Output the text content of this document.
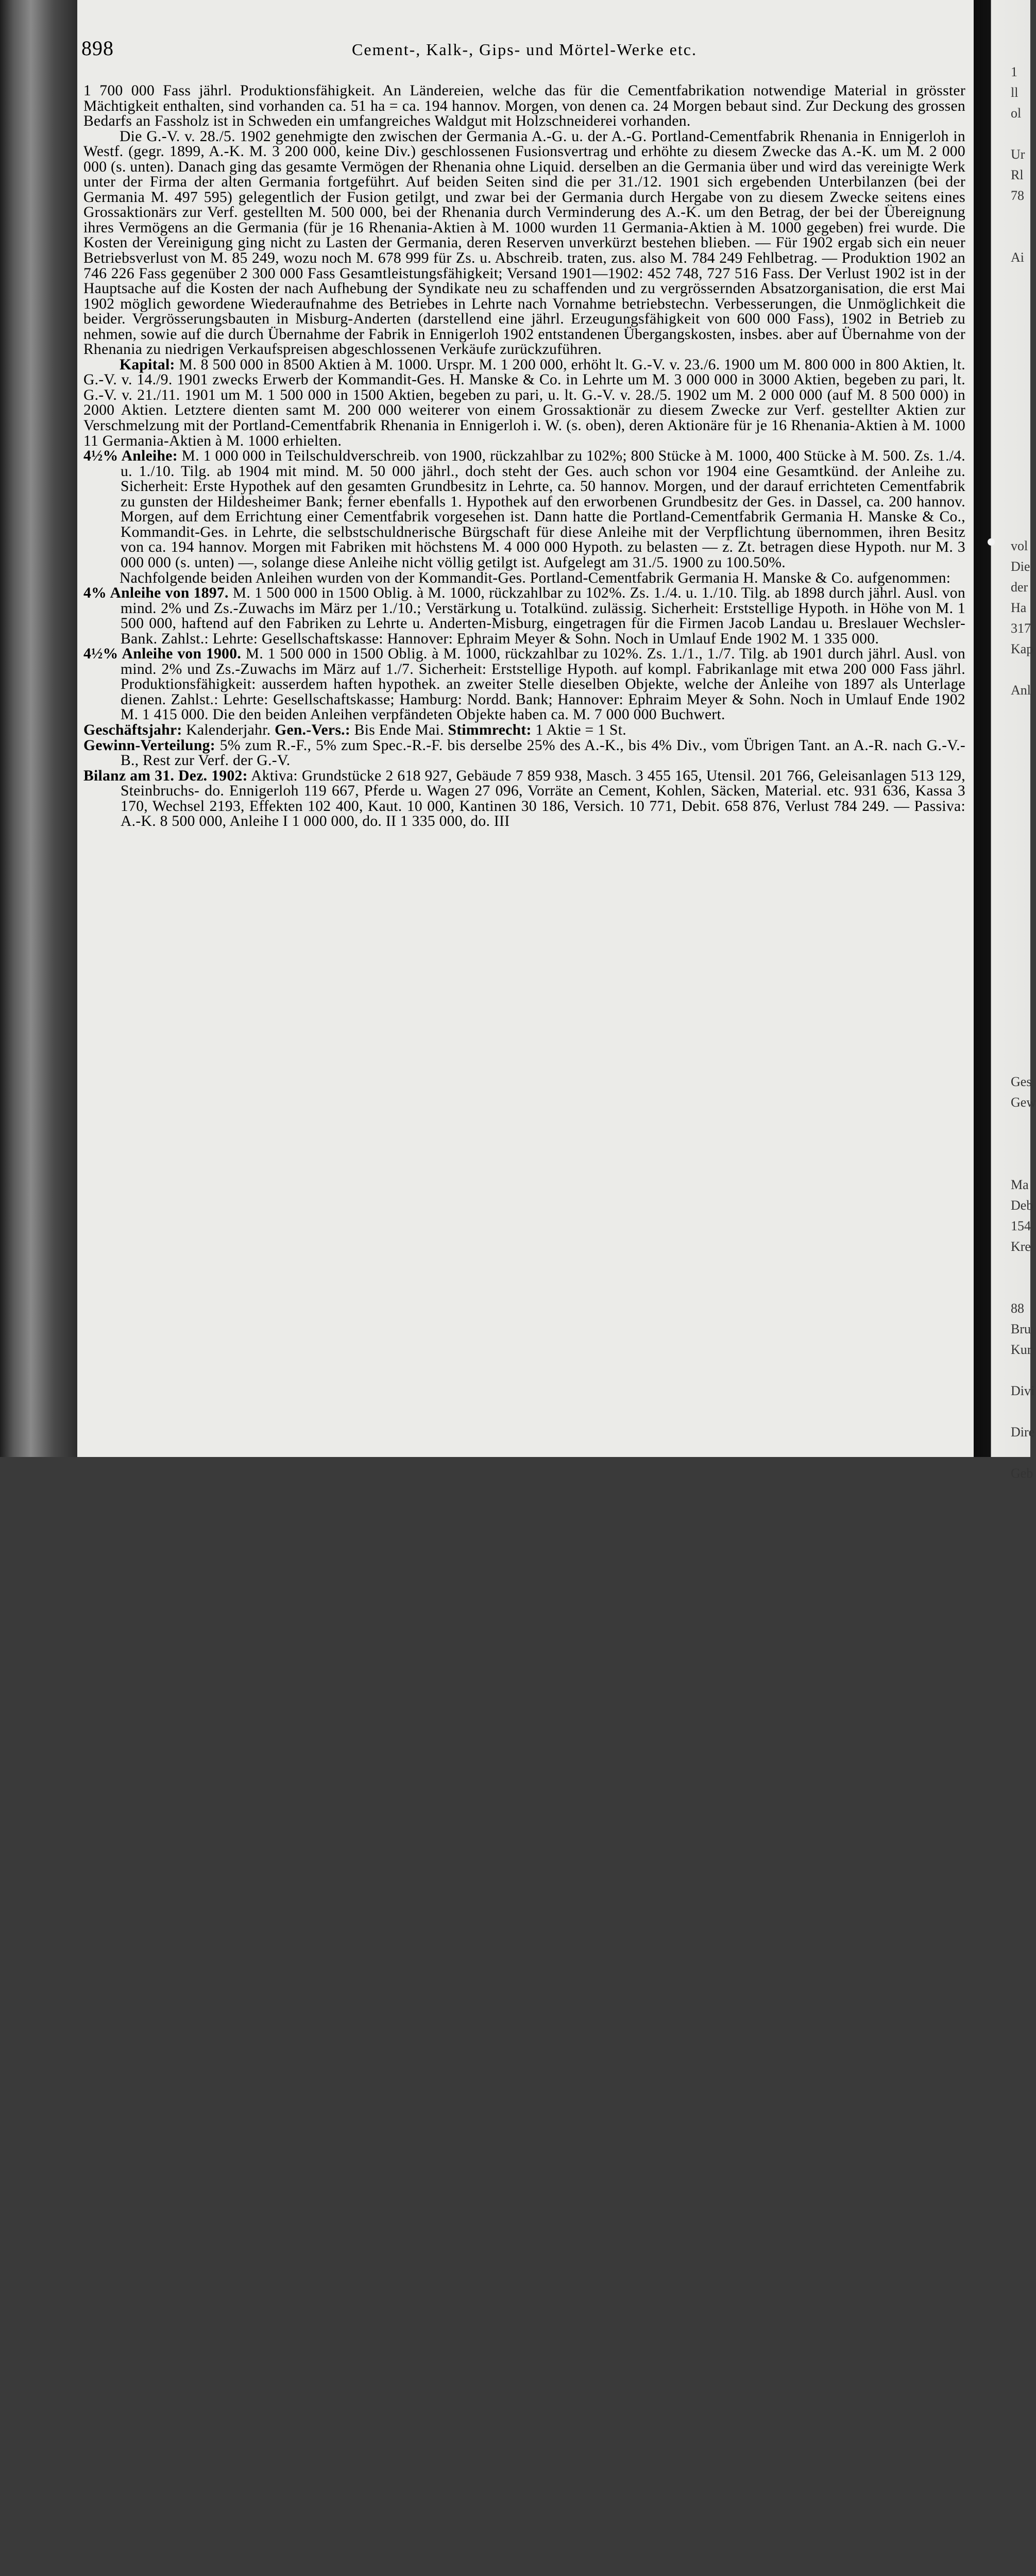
1
ll
ol

Ur
Rl
78

Ai

vol
Die
der
Ha
317
Kap

Anl

Ges
Gew

Ma
Deb
154
Kre

88
Bru
Kur

Divi

Dire

Geb

898	Cement-, Kalk-, Gips- und Mörtel-Werke etc.

1 700 000 Fass jährl. Produktionsfähigkeit. An Ländereien, welche das für die Cementfabrikation notwendige Material in grösster Mächtigkeit enthalten, sind vorhanden ca. 51 ha = ca. 194 hannov. Morgen, von denen ca. 24 Morgen bebaut sind. Zur Deckung des grossen Bedarfs an Fassholz ist in Schweden ein umfangreiches Waldgut mit Holzschneiderei vorhanden.

Die G.-V. v. 28./5. 1902 genehmigte den zwischen der Germania A.-G. u. der A.-G. Portland-Cementfabrik Rhenania in Ennigerloh in Westf. (gegr. 1899, A.-K. M. 3 200 000, keine Div.) geschlossenen Fusionsvertrag und erhöhte zu diesem Zwecke das A.-K. um M. 2 000 000 (s. unten). Danach ging das gesamte Vermögen der Rhenania ohne Liquid. derselben an die Germania über und wird das vereinigte Werk unter der Firma der alten Germania fortgeführt. Auf beiden Seiten sind die per 31./12. 1901 sich ergebenden Unterbilanzen (bei der Germania M. 497 595) gelegentlich der Fusion getilgt, und zwar bei der Germania durch Hergabe von zu diesem Zwecke seitens eines Grossaktionärs zur Verf. gestellten M. 500 000, bei der Rhenania durch Verminderung des A.-K. um den Betrag, der bei der Übereignung ihres Vermögens an die Germania (für je 16 Rhenania-Aktien à M. 1000 wurden 11 Germania-Aktien à M. 1000 gegeben) frei wurde. Die Kosten der Vereinigung ging nicht zu Lasten der Germania, deren Reserven unverkürzt bestehen blieben. — Für 1902 ergab sich ein neuer Betriebsverlust von M. 85 249, wozu noch M. 678 999 für Zs. u. Abschreib. traten, zus. also M. 784 249 Fehlbetrag. — Produktion 1902 an 746 226 Fass gegenüber 2 300 000 Fass Gesamtleistungsfähigkeit; Versand 1901—1902: 452 748, 727 516 Fass. Der Verlust 1902 ist in der Hauptsache auf die Kosten der nach Aufhebung der Syndikate neu zu schaffenden und zu vergrössernden Absatzorganisation, die erst Mai 1902 möglich gewordene Wiederaufnahme des Betriebes in Lehrte nach Vornahme betriebstechn. Verbesserungen, die Unmöglichkeit die beider. Vergrösserungsbauten in Misburg-Anderten (darstellend eine jährl. Erzeugungsfähigkeit von 600 000 Fass), 1902 in Betrieb zu nehmen, sowie auf die durch Übernahme der Fabrik in Ennigerloh 1902 entstandenen Übergangskosten, insbes. aber auf Übernahme von der Rhenania zu niedrigen Verkaufspreisen abgeschlossenen Verkäufe zurückzuführen.

Kapital: M. 8 500 000 in 8500 Aktien à M. 1000. Urspr. M. 1 200 000, erhöht lt. G.-V. v. 23./6. 1900 um M. 800 000 in 800 Aktien, lt. G.-V. v. 14./9. 1901 zwecks Erwerb der Kommandit-Ges. H. Manske & Co. in Lehrte um M. 3 000 000 in 3000 Aktien, begeben zu pari, lt. G.-V. v. 21./11. 1901 um M. 1 500 000 in 1500 Aktien, begeben zu pari, u. lt. G.-V. v. 28./5. 1902 um M. 2 000 000 (auf M. 8 500 000) in 2000 Aktien. Letztere dienten samt M. 200 000 weiterer von einem Grossaktionär zu diesem Zwecke zur Verf. gestellter Aktien zur Verschmelzung mit der Portland-Cementfabrik Rhenania in Ennigerloh i. W. (s. oben), deren Aktionäre für je 16 Rhenania-Aktien à M. 1000 11 Germania-Aktien à M. 1000 erhielten.

4½% Anleihe: M. 1 000 000 in Teilschuldverschreib. von 1900, rückzahlbar zu 102%; 800 Stücke à M. 1000, 400 Stücke à M. 500. Zs. 1./4. u. 1./10. Tilg. ab 1904 mit mind. M. 50 000 jährl., doch steht der Ges. auch schon vor 1904 eine Gesamtkünd. der Anleihe zu. Sicherheit: Erste Hypothek auf den gesamten Grundbesitz in Lehrte, ca. 50 hannov. Morgen, und der darauf errichteten Cementfabrik zu gunsten der Hildesheimer Bank; ferner ebenfalls 1. Hypothek auf den erworbenen Grundbesitz der Ges. in Dassel, ca. 200 hannov. Morgen, auf dem Errichtung einer Cementfabrik vorgesehen ist. Dann hatte die Portland-Cementfabrik Germania H. Manske & Co., Kommandit-Ges. in Lehrte, die selbstschuldnerische Bürgschaft für diese Anleihe mit der Verpflichtung übernommen, ihren Besitz von ca. 194 hannov. Morgen mit Fabriken mit höchstens M. 4 000 000 Hypoth. zu belasten — z. Zt. betragen diese Hypoth. nur M. 3 000 000 (s. unten) —, solange diese Anleihe nicht völlig getilgt ist. Aufgelegt am 31./5. 1900 zu 100.50%.

Nachfolgende beiden Anleihen wurden von der Kommandit-Ges. Portland-Cementfabrik Germania H. Manske & Co. aufgenommen:

4% Anleihe von 1897. M. 1 500 000 in 1500 Oblig. à M. 1000, rückzahlbar zu 102%. Zs. 1./4. u. 1./10. Tilg. ab 1898 durch jährl. Ausl. von mind. 2% und Zs.-Zuwachs im März per 1./10.; Verstärkung u. Totalkünd. zulässig. Sicherheit: Erststellige Hypoth. in Höhe von M. 1 500 000, haftend auf den Fabriken zu Lehrte u. Anderten-Misburg, eingetragen für die Firmen Jacob Landau u. Breslauer Wechsler-Bank. Zahlst.: Lehrte: Gesellschaftskasse: Hannover: Ephraim Meyer & Sohn. Noch in Umlauf Ende 1902 M. 1 335 000.

4½% Anleihe von 1900. M. 1 500 000 in 1500 Oblig. à M. 1000, rückzahlbar zu 102%. Zs. 1./1., 1./7. Tilg. ab 1901 durch jährl. Ausl. von mind. 2% und Zs.-Zuwachs im März auf 1./7. Sicherheit: Erststellige Hypoth. auf kompl. Fabrikanlage mit etwa 200 000 Fass jährl. Produktionsfähigkeit: ausserdem haften hypothek. an zweiter Stelle dieselben Objekte, welche der Anleihe von 1897 als Unterlage dienen. Zahlst.: Lehrte: Gesellschaftskasse; Hamburg: Nordd. Bank; Hannover: Ephraim Meyer & Sohn. Noch in Umlauf Ende 1902 M. 1 415 000. Die den beiden Anleihen verpfändeten Objekte haben ca. M. 7 000 000 Buchwert.

Geschäftsjahr: Kalenderjahr. Gen.-Vers.: Bis Ende Mai. Stimmrecht: 1 Aktie = 1 St.

Gewinn-Verteilung: 5% zum R.-F., 5% zum Spec.-R.-F. bis derselbe 25% des A.-K., bis 4% Div., vom Übrigen Tant. an A.-R. nach G.-V.-B., Rest zur Verf. der G.-V.

Bilanz am 31. Dez. 1902: Aktiva: Grundstücke 2 618 927, Gebäude 7 859 938, Masch. 3 455 165, Utensil. 201 766, Geleisanlagen 513 129, Steinbruchs- do. Ennigerloh 119 667, Pferde u. Wagen 27 096, Vorräte an Cement, Kohlen, Säcken, Material. etc. 931 636, Kassa 3 170, Wechsel 2193, Effekten 102 400, Kaut. 10 000, Kantinen 30 186, Versich. 10 771, Debit. 658 876, Verlust 784 249. — Passiva: A.-K. 8 500 000, Anleihe I 1 000 000, do. II 1 335 000, do. III
